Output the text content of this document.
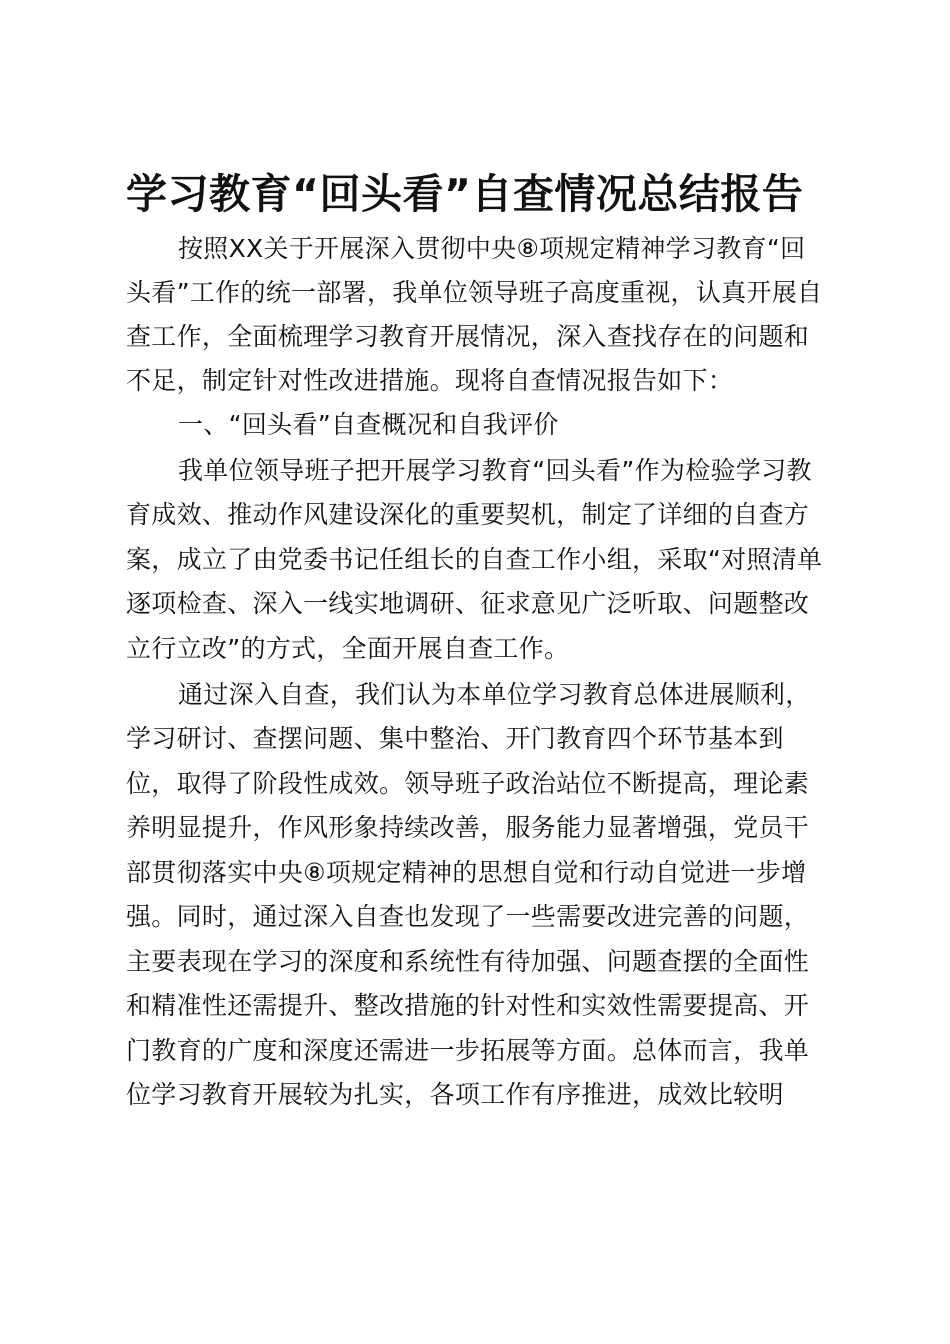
学习教育“回头看”自查情况总结报告
按照XX关于开展深入贯彻中央⑧项规定精神学习教育“回
头看”工作的统一部署，我单位领导班子高度重视，认真开展自
查工作，全面梳理学习教育开展情况，深入查找存在的问题和
不足，制定针对性改进措施。现将自查情况报告如下：
一、“回头看”自查概况和自我评价
我单位领导班子把开展学习教育“回头看”作为检验学习教
育成效、推动作风建设深化的重要契机，制定了详细的自查方
案，成立了由党委书记任组长的自查工作小组，采取“对照清单
逐项检查、深入一线实地调研、征求意见广泛听取、问题整改
立行立改”的方式，全面开展自查工作。
通过深入自查，我们认为本单位学习教育总体进展顺利，
学习研讨、查摆问题、集中整治、开门教育四个环节基本到
位，取得了阶段性成效。领导班子政治站位不断提高，理论素
养明显提升，作风形象持续改善，服务能力显著增强，党员干
部贯彻落实中央⑧项规定精神的思想自觉和行动自觉进一步增
强。同时，通过深入自查也发现了一些需要改进完善的问题，
主要表现在学习的深度和系统性有待加强、问题查摆的全面性
和精准性还需提升、整改措施的针对性和实效性需要提高、开
门教育的广度和深度还需进一步拓展等方面。总体而言，我单
位学习教育开展较为扎实，各项工作有序推进，成效比较明
